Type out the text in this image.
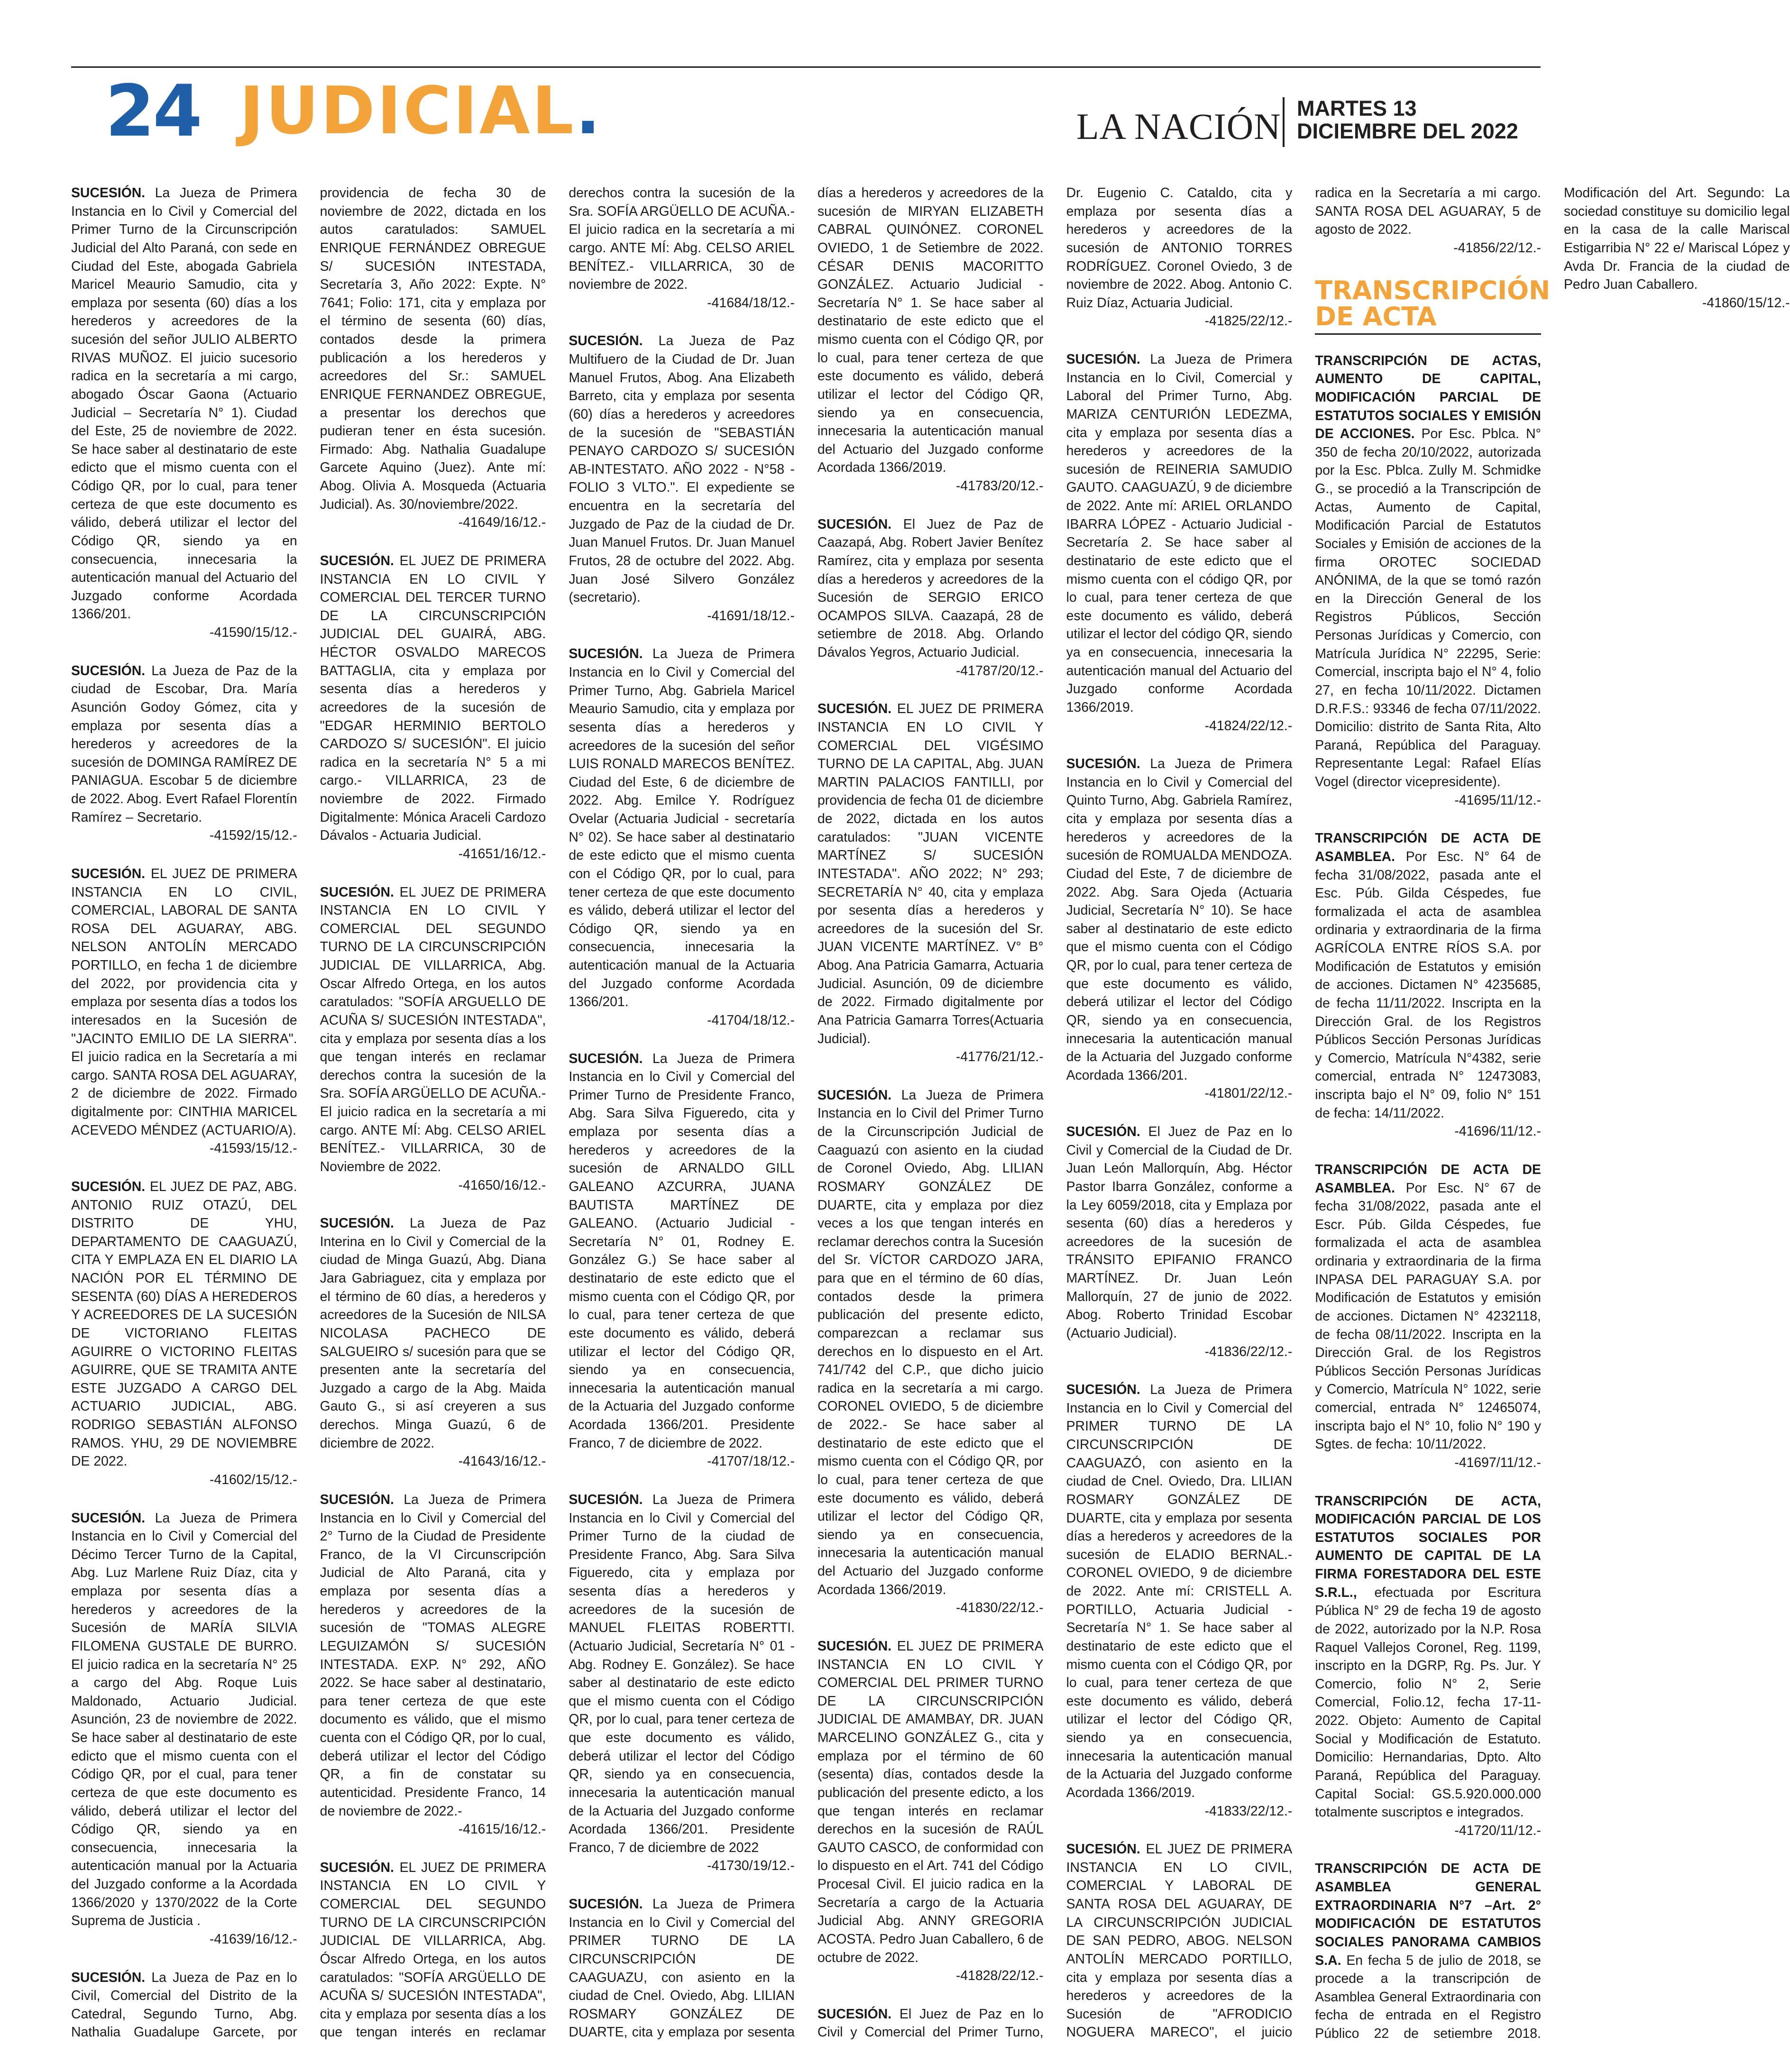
24 JUDICIAL.	LA NACIÓN MARTES 13
DICIEMBRE DEL 2022

SUCESIÓN. La Jueza de Primera Instancia en lo Civil y Comercial del Primer Turno de la Circunscripción Judicial del Alto Paraná, con sede en Ciudad del Este, abogada Gabriela Maricel Meaurio Samudio, cita y emplaza por sesenta (60) días a los herederos y acreedores de la sucesión del señor JULIO ALBERTO RIVAS MUÑOZ. El juicio sucesorio radica en la secretaría a mi cargo, abogado Óscar Gaona (Actuario Judicial – Secretaría N° 1). Ciudad del Este, 25 de noviembre de 2022. Se hace saber al destinatario de este edicto que el mismo cuenta con el Código QR, por lo cual, para tener certeza de que este documento es válido, deberá utilizar el lector del Código QR, siendo ya en consecuencia, innecesaria la autenticación manual del Actuario del Juzgado conforme Acordada 1366/201.
-41590/15/12.-

SUCESIÓN. La Jueza de Paz de la ciudad de Escobar, Dra. María Asunción Godoy Gómez, cita y emplaza por sesenta días a herederos y acreedores de la sucesión de DOMINGA RAMÍREZ DE PANIAGUA. Escobar 5 de diciembre de 2022. Abog. Evert Rafael Florentín Ramírez – Secretario.
-41592/15/12.-

SUCESIÓN. EL JUEZ DE PRIMERA INSTANCIA EN LO CIVIL, COMERCIAL, LABORAL DE SANTA ROSA DEL AGUARAY, ABG. NELSON ANTOLÍN MERCADO PORTILLO, en fecha 1 de diciembre del 2022, por providencia cita y emplaza por sesenta días a todos los interesados en la Sucesión de "JACINTO EMILIO DE LA SIERRA". El juicio radica en la Secretaría a mi cargo. SANTA ROSA DEL AGUARAY, 2 de diciembre de 2022. Firmado digitalmente por: CINTHIA MARICEL ACEVEDO MÉNDEZ (ACTUARIO/A).
-41593/15/12.-

SUCESIÓN. EL JUEZ DE PAZ, ABG. ANTONIO RUIZ OTAZÚ, DEL DISTRITO DE YHU, DEPARTAMENTO DE CAAGUAZÚ, CITA Y EMPLAZA EN EL DIARIO LA NACIÓN POR EL TÉRMINO DE SESENTA (60) DÍAS A HEREDEROS Y ACREEDORES DE LA SUCESIÓN DE VICTORIANO FLEITAS AGUIRRE O VICTORINO FLEITAS AGUIRRE, QUE SE TRAMITA ANTE ESTE JUZGADO A CARGO DEL ACTUARIO JUDICIAL, ABG. RODRIGO SEBASTIÁN ALFONSO RAMOS. YHU, 29 DE NOVIEMBRE DE 2022.
-41602/15/12.-

SUCESIÓN. La Jueza de Primera Instancia en lo Civil y Comercial del Décimo Tercer Turno de la Capital, Abg. Luz Marlene Ruiz Díaz, cita y emplaza por sesenta días a herederos y acreedores de la Sucesión de MARÍA SILVIA FILOMENA GUSTALE DE BURRO. El juicio radica en la secretaría N° 25 a cargo del Abg. Roque Luis Maldonado, Actuario Judicial. Asunción, 23 de noviembre de 2022. Se hace saber al destinatario de este edicto que el mismo cuenta con el Código QR, por el cual, para tener certeza de que este documento es válido, deberá utilizar el lector del Código QR, siendo ya en consecuencia, innecesaria la autenticación manual por la Actuaria del Juzgado conforme a la Acordada 1366/2020 y 1370/2022 de la Corte Suprema de Justicia .
-41639/16/12.-

SUCESIÓN. La Jueza de Paz en lo Civil, Comercial del Distrito de la Catedral, Segundo Turno, Abg. Nathalia Guadalupe Garcete, por providencia de fecha 30 de noviembre de 2022, dictada en los autos caratulados: SAMUEL ENRIQUE FERNÁNDEZ OBREGUE S/ SUCESIÓN INTESTADA, Secretaría 3, Año 2022: Expte. N° 7641; Folio: 171, cita y emplaza por el término de sesenta (60) días, contados desde la primera publicación a los herederos y acreedores del Sr.: SAMUEL ENRIQUE FERNANDEZ OBREGUE, a presentar los derechos que pudieran tener en ésta sucesión. Firmado: Abg. Nathalia Guadalupe Garcete Aquino (Juez). Ante mí: Abog. Olivia A. Mosqueda (Actuaria Judicial). As. 30/noviembre/2022.
-41649/16/12.-

SUCESIÓN. EL JUEZ DE PRIMERA INSTANCIA EN LO CIVIL Y COMERCIAL DEL TERCER TURNO DE LA CIRCUNSCRIPCIÓN JUDICIAL DEL GUAIRÁ, ABG. HÉCTOR OSVALDO MARECOS BATTAGLIA, cita y emplaza por sesenta días a herederos y acreedores de la sucesión de "EDGAR HERMINIO BERTOLO CARDOZO S/ SUCESIÓN". El juicio radica en la secretaría N° 5 a mi cargo.- VILLARRICA, 23 de noviembre de 2022. Firmado Digitalmente: Mónica Araceli Cardozo Dávalos - Actuaria Judicial.
-41651/16/12.-

SUCESIÓN. EL JUEZ DE PRIMERA INSTANCIA EN LO CIVIL Y COMERCIAL DEL SEGUNDO TURNO DE LA CIRCUNSCRIPCIÓN JUDICIAL DE VILLARRICA, Abg. Oscar Alfredo Ortega, en los autos caratulados: "SOFÍA ARGUELLO DE ACUÑA S/ SUCESIÓN INTESTADA", cita y emplaza por sesenta días a los que tengan interés en reclamar derechos contra la sucesión de la Sra. SOFÍA ARGÜELLO DE ACUÑA.- El juicio radica en la secretaría a mi cargo. ANTE MÍ: Abg. CELSO ARIEL BENÍTEZ.- VILLARRICA, 30 de Noviembre de 2022.
-41650/16/12.-

SUCESIÓN. La Jueza de Paz Interina en lo Civil y Comercial de la ciudad de Minga Guazú, Abg. Diana Jara Gabriaguez, cita y emplaza por el término de 60 días, a herederos y acreedores de la Sucesión de NILSA NICOLASA PACHECO DE SALGUEIRO s/ sucesión para que se presenten ante la secretaría del Juzgado a cargo de la Abg. Maida Gauto G., si así creyeren a sus derechos. Minga Guazú, 6 de diciembre de 2022.
-41643/16/12.-

SUCESIÓN. La Jueza de Primera Instancia en lo Civil y Comercial del 2° Turno de la Ciudad de Presidente Franco, de la VI Circunscripción Judicial de Alto Paraná, cita y emplaza por sesenta días a herederos y acreedores de la sucesión de "TOMAS ALEGRE LEGUIZAMÓN S/ SUCESIÓN INTESTADA. EXP. N° 292, AÑO 2022. Se hace saber al destinatario, para tener certeza de que este documento es válido, que el mismo cuenta con el Código QR, por lo cual, deberá utilizar el lector del Código QR, a fin de constatar su autenticidad. Presidente Franco, 14 de noviembre de 2022.-
-41615/16/12.-

SUCESIÓN. EL JUEZ DE PRIMERA INSTANCIA EN LO CIVIL Y COMERCIAL DEL SEGUNDO TURNO DE LA CIRCUNSCRIPCIÓN JUDICIAL DE VILLARRICA, Abg. Óscar Alfredo Ortega, en los autos caratulados: "SOFÍA ARGÜELLO DE ACUÑA S/ SUCESIÓN INTESTADA", cita y emplaza por sesenta días a los que tengan interés en reclamar derechos contra la sucesión de la Sra. SOFÍA ARGÜELLO DE ACUÑA.- El juicio radica en la secretaría a mi cargo. ANTE MÍ: Abg. CELSO ARIEL BENÍTEZ.- VILLARRICA, 30 de noviembre de 2022.
-41684/18/12.-

SUCESIÓN. La Jueza de Paz Multifuero de la Ciudad de Dr. Juan Manuel Frutos, Abog. Ana Elizabeth Barreto, cita y emplaza por sesenta (60) días a herederos y acreedores de la sucesión de "SEBASTIÁN PENAYO CARDOZO S/ SUCESIÓN AB-INTESTATO. AÑO 2022 - N°58 - FOLIO 3 VLTO.". El expediente se encuentra en la secretaría del Juzgado de Paz de la ciudad de Dr. Juan Manuel Frutos. Dr. Juan Manuel Frutos, 28 de octubre del 2022. Abg. Juan José Silvero González (secretario).
-41691/18/12.-

SUCESIÓN. La Jueza de Primera Instancia en lo Civil y Comercial del Primer Turno, Abg. Gabriela Maricel Meaurio Samudio, cita y emplaza por sesenta días a herederos y acreedores de la sucesión del señor LUIS RONALD MARECOS BENÍTEZ. Ciudad del Este, 6 de diciembre de 2022. Abg. Emilce Y. Rodríguez Ovelar (Actuaria Judicial - secretaría N° 02). Se hace saber al destinatario de este edicto que el mismo cuenta con el Código QR, por lo cual, para tener certeza de que este documento es válido, deberá utilizar el lector del Código QR, siendo ya en consecuencia, innecesaria la autenticación manual de la Actuaria del Juzgado conforme Acordada 1366/201.
-41704/18/12.-

SUCESIÓN. La Jueza de Primera Instancia en lo Civil y Comercial del Primer Turno de Presidente Franco, Abg. Sara Silva Figueredo, cita y emplaza por sesenta días a herederos y acreedores de la sucesión de ARNALDO GILL GALEANO AZCURRA, JUANA BAUTISTA MARTÍNEZ DE GALEANO. (Actuario Judicial - Secretaría N° 01, Rodney E. González G.) Se hace saber al destinatario de este edicto que el mismo cuenta con el Código QR, por lo cual, para tener certeza de que este documento es válido, deberá utilizar el lector del Código QR, siendo ya en consecuencia, innecesaria la autenticación manual de la Actuaria del Juzgado conforme Acordada 1366/201. Presidente Franco, 7 de diciembre de 2022.
-41707/18/12.-

SUCESIÓN. La Jueza de Primera Instancia en lo Civil y Comercial del Primer Turno de la ciudad de Presidente Franco, Abg. Sara Silva Figueredo, cita y emplaza por sesenta días a herederos y acreedores de la sucesión de MANUEL FLEITAS ROBERTTI. (Actuario Judicial, Secretaría N° 01 - Abg. Rodney E. González). Se hace saber al destinatario de este edicto que el mismo cuenta con el Código QR, por lo cual, para tener certeza de que este documento es válido, deberá utilizar el lector del Código QR, siendo ya en consecuencia, innecesaria la autenticación manual de la Actuaria del Juzgado conforme Acordada 1366/201. Presidente Franco, 7 de diciembre de 2022
-41730/19/12.-

SUCESIÓN. La Jueza de Primera Instancia en lo Civil y Comercial del PRIMER TURNO DE LA CIRCUNSCRIPCIÓN DE CAAGUAZU, con asiento en la ciudad de Cnel. Oviedo, Abg. LILIAN ROSMARY GONZÁLEZ DE DUARTE, cita y emplaza por sesenta días a herederos y acreedores de la sucesión de MIRYAN ELIZABETH CABRAL QUINÓNEZ. CORONEL OVIEDO, 1 de Setiembre de 2022. CÉSAR DENIS MACORITTO GONZÁLEZ. Actuario Judicial - Secretaría N° 1. Se hace saber al destinatario de este edicto que el mismo cuenta con el Código QR, por lo cual, para tener certeza de que este documento es válido, deberá utilizar el lector del Código QR, siendo ya en consecuencia, innecesaria la autenticación manual del Actuario del Juzgado conforme Acordada 1366/2019.
-41783/20/12.-

SUCESIÓN. El Juez de Paz de Caazapá, Abg. Robert Javier Benítez Ramírez, cita y emplaza por sesenta días a herederos y acreedores de la Sucesión de SERGIO ERICO OCAMPOS SILVA. Caazapá, 28 de setiembre de 2018. Abg. Orlando Dávalos Yegros, Actuario Judicial.
-41787/20/12.-

SUCESIÓN. EL JUEZ DE PRIMERA INSTANCIA EN LO CIVIL Y COMERCIAL DEL VIGÉSIMO TURNO DE LA CAPITAL, Abg. JUAN MARTIN PALACIOS FANTILLI, por providencia de fecha 01 de diciembre de 2022, dictada en los autos caratulados: "JUAN VICENTE MARTÍNEZ S/ SUCESIÓN INTESTADA". AÑO 2022; N° 293; SECRETARÍA N° 40, cita y emplaza por sesenta días a herederos y acreedores de la sucesión del Sr. JUAN VICENTE MARTÍNEZ. V° B° Abog. Ana Patricia Gamarra, Actuaria Judicial. Asunción, 09 de diciembre de 2022. Firmado digitalmente por Ana Patricia Gamarra Torres(Actuaria Judicial).
-41776/21/12.-

SUCESIÓN. La Jueza de Primera Instancia en lo Civil del Primer Turno de la Circunscripción Judicial de Caaguazú con asiento en la ciudad de Coronel Oviedo, Abg. LILIAN ROSMARY GONZÁLEZ DE DUARTE, cita y emplaza por diez veces a los que tengan interés en reclamar derechos contra la Sucesión del Sr. VÍCTOR CARDOZO JARA, para que en el término de 60 días, contados desde la primera publicación del presente edicto, comparezcan a reclamar sus derechos en lo dispuesto en el Art. 741/742 del C.P., que dicho juicio radica en la secretaría a mi cargo. CORONEL OVIEDO, 5 de diciembre de 2022.- Se hace saber al destinatario de este edicto que el mismo cuenta con el Código QR, por lo cual, para tener certeza de que este documento es válido, deberá utilizar el lector del Código QR, siendo ya en consecuencia, innecesaria la autenticación manual del Actuario del Juzgado conforme Acordada 1366/2019.
-41830/22/12.-

SUCESIÓN. EL JUEZ DE PRIMERA INSTANCIA EN LO CIVIL Y COMERCIAL DEL PRIMER TURNO DE LA CIRCUNSCRIPCIÓN JUDICIAL DE AMAMBAY, DR. JUAN MARCELINO GONZÁLEZ G., cita y emplaza por el término de 60 (sesenta) días, contados desde la publicación del presente edicto, a los que tengan interés en reclamar derechos en la sucesión de RAÚL GAUTO CASCO, de conformidad con lo dispuesto en el Art. 741 del Código Procesal Civil. El juicio radica en la Secretaría a cargo de la Actuaria Judicial Abg. ANNY GREGORIA ACOSTA. Pedro Juan Caballero, 6 de octubre de 2022.
-41828/22/12.-

SUCESIÓN. El Juez de Paz en lo Civil y Comercial del Primer Turno, Dr. Eugenio C. Cataldo, cita y emplaza por sesenta días a herederos y acreedores de la sucesión de ANTONIO TORRES RODRÍGUEZ. Coronel Oviedo, 3 de noviembre de 2022. Abog. Antonio C. Ruiz Díaz, Actuaria Judicial.
-41825/22/12.-

SUCESIÓN. La Jueza de Primera Instancia en lo Civil, Comercial y Laboral del Primer Turno, Abg. MARIZA CENTURIÓN LEDEZMA, cita y emplaza por sesenta días a herederos y acreedores de la sucesión de REINERIA SAMUDIO GAUTO. CAAGUAZÚ, 9 de diciembre de 2022. Ante mí: ARIEL ORLANDO IBARRA LÓPEZ - Actuario Judicial - Secretaría 2. Se hace saber al destinatario de este edicto que el mismo cuenta con el código QR, por lo cual, para tener certeza de que este documento es válido, deberá utilizar el lector del código QR, siendo ya en consecuencia, innecesaria la autenticación manual del Actuario del Juzgado conforme Acordada 1366/2019.
-41824/22/12.-

SUCESIÓN. La Jueza de Primera Instancia en lo Civil y Comercial del Quinto Turno, Abg. Gabriela Ramírez, cita y emplaza por sesenta días a herederos y acreedores de la sucesión de ROMUALDA MENDOZA. Ciudad del Este, 7 de diciembre de 2022. Abg. Sara Ojeda (Actuaria Judicial, Secretaría N° 10). Se hace saber al destinatario de este edicto que el mismo cuenta con el Código QR, por lo cual, para tener certeza de que este documento es válido, deberá utilizar el lector del Código QR, siendo ya en consecuencia, innecesaria la autenticación manual de la Actuaria del Juzgado conforme Acordada 1366/201.
-41801/22/12.-

SUCESIÓN. El Juez de Paz en lo Civil y Comercial de la Ciudad de Dr. Juan León Mallorquín, Abg. Héctor Pastor Ibarra González, conforme a la Ley 6059/2018, cita y Emplaza por sesenta (60) días a herederos y acreedores de la sucesión de TRÁNSITO EPIFANIO FRANCO MARTÍNEZ. Dr. Juan León Mallorquín, 27 de junio de 2022. Abog. Roberto Trinidad Escobar (Actuario Judicial).
-41836/22/12.-

SUCESIÓN. La Jueza de Primera Instancia en lo Civil y Comercial del PRIMER TURNO DE LA CIRCUNSCRIPCIÓN DE CAAGUAZÓ, con asiento en la ciudad de Cnel. Oviedo, Dra. LILIAN ROSMARY GONZÁLEZ DE DUARTE, cita y emplaza por sesenta días a herederos y acreedores de la sucesión de ELADIO BERNAL.- CORONEL OVIEDO, 9 de diciembre de 2022. Ante mí: CRISTELL A. PORTILLO, Actuaria Judicial - Secretaría N° 1. Se hace saber al destinatario de este edicto que el mismo cuenta con el Código QR, por lo cual, para tener certeza de que este documento es válido, deberá utilizar el lector del Código QR, siendo ya en consecuencia, innecesaria la autenticación manual de la Actuaria del Juzgado conforme Acordada 1366/2019.
-41833/22/12.-

SUCESIÓN. EL JUEZ DE PRIMERA INSTANCIA EN LO CIVIL, COMERCIAL Y LABORAL DE SANTA ROSA DEL AGUARAY, DE LA CIRCUNSCRIPCIÓN JUDICIAL DE SAN PEDRO, ABOG. NELSON ANTOLÍN MERCADO PORTILLO, cita y emplaza por sesenta días a herederos y acreedores de la Sucesión de "AFRODICIO NOGUERA MARECO", el juicio radica en la Secretaría a mi cargo. SANTA ROSA DEL AGUARAY, 5 de agosto de 2022.
-41856/22/12.-

TRANSCRIPCIÓN DE ACTA

TRANSCRIPCIÓN DE ACTAS, AUMENTO DE CAPITAL, MODIFICACIÓN PARCIAL DE ESTATUTOS SOCIALES Y EMISIÓN DE ACCIONES. Por Esc. Pblca. N° 350 de fecha 20/10/2022, autorizada por la Esc. Pblca. Zully M. Schmidke G., se procedió a la Transcripción de Actas, Aumento de Capital, Modificación Parcial de Estatutos Sociales y Emisión de acciones de la firma OROTEC SOCIEDAD ANÓNIMA, de la que se tomó razón en la Dirección General de los Registros Públicos, Sección Personas Jurídicas y Comercio, con Matrícula Jurídica N° 22295, Serie: Comercial, inscripta bajo el N° 4, folio 27, en fecha 10/11/2022. Dictamen D.R.F.S.: 93346 de fecha 07/11/2022. Domicilio: distrito de Santa Rita, Alto Paraná, República del Paraguay. Representante Legal: Rafael Elías Vogel (director vicepresidente).
-41695/11/12.-

TRANSCRIPCIÓN DE ACTA DE ASAMBLEA. Por Esc. N° 64 de fecha 31/08/2022, pasada ante el Esc. Púb. Gilda Céspedes, fue formalizada el acta de asamblea ordinaria y extraordinaria de la firma AGRÍCOLA ENTRE RÍOS S.A. por Modificación de Estatutos y emisión de acciones. Dictamen N° 4235685, de fecha 11/11/2022. Inscripta en la Dirección Gral. de los Registros Públicos Sección Personas Jurídicas y Comercio, Matrícula N°4382, serie comercial, entrada N° 12473083, inscripta bajo el N° 09, folio N° 151 de fecha: 14/11/2022.
-41696/11/12.-

TRANSCRIPCIÓN DE ACTA DE ASAMBLEA. Por Esc. N° 67 de fecha 31/08/2022, pasada ante el Escr. Púb. Gilda Céspedes, fue formalizada el acta de asamblea ordinaria y extraordinaria de la firma INPASA DEL PARAGUAY S.A. por Modificación de Estatutos y emisión de acciones. Dictamen N° 4232118, de fecha 08/11/2022. Inscripta en la Dirección Gral. de los Registros Públicos Sección Personas Jurídicas y Comercio, Matrícula N° 1022, serie comercial, entrada N° 12465074, inscripta bajo el N° 10, folio N° 190 y Sgtes. de fecha: 10/11/2022.
-41697/11/12.-

TRANSCRIPCIÓN DE ACTA, MODIFICACIÓN PARCIAL DE LOS ESTATUTOS SOCIALES POR AUMENTO DE CAPITAL DE LA FIRMA FORESTADORA DEL ESTE S.R.L., efectuada por Escritura Pública N° 29 de fecha 19 de agosto de 2022, autorizado por la N.P. Rosa Raquel Vallejos Coronel, Reg. 1199, inscripto en la DGRP, Rg. Ps. Jur. Y Comercio, folio N° 2, Serie Comercial, Folio.12, fecha 17-11-2022. Objeto: Aumento de Capital Social y Modificación de Estatuto. Domicilio: Hernandarias, Dpto. Alto Paraná, República del Paraguay. Capital Social: GS.5.920.000.000 totalmente suscriptos e integrados.
-41720/11/12.-

TRANSCRIPCIÓN DE ACTA DE ASAMBLEA GENERAL EXTRAORDINARIA N°7 –Art. 2° MODIFICACIÓN DE ESTATUTOS SOCIALES PANORAMA CAMBIOS S.A. En fecha 5 de julio de 2018, se procede a la transcripción de Asamblea General Extraordinaria con fecha de entrada en el Registro Público 22 de setiembre 2018. Modificación del Art. Segundo: La sociedad constituye su domicilio legal en la casa de la calle Mariscal Estigarribia N° 22 e/ Mariscal López y Avda Dr. Francia de la ciudad de Pedro Juan Caballero.
-41860/15/12.-
